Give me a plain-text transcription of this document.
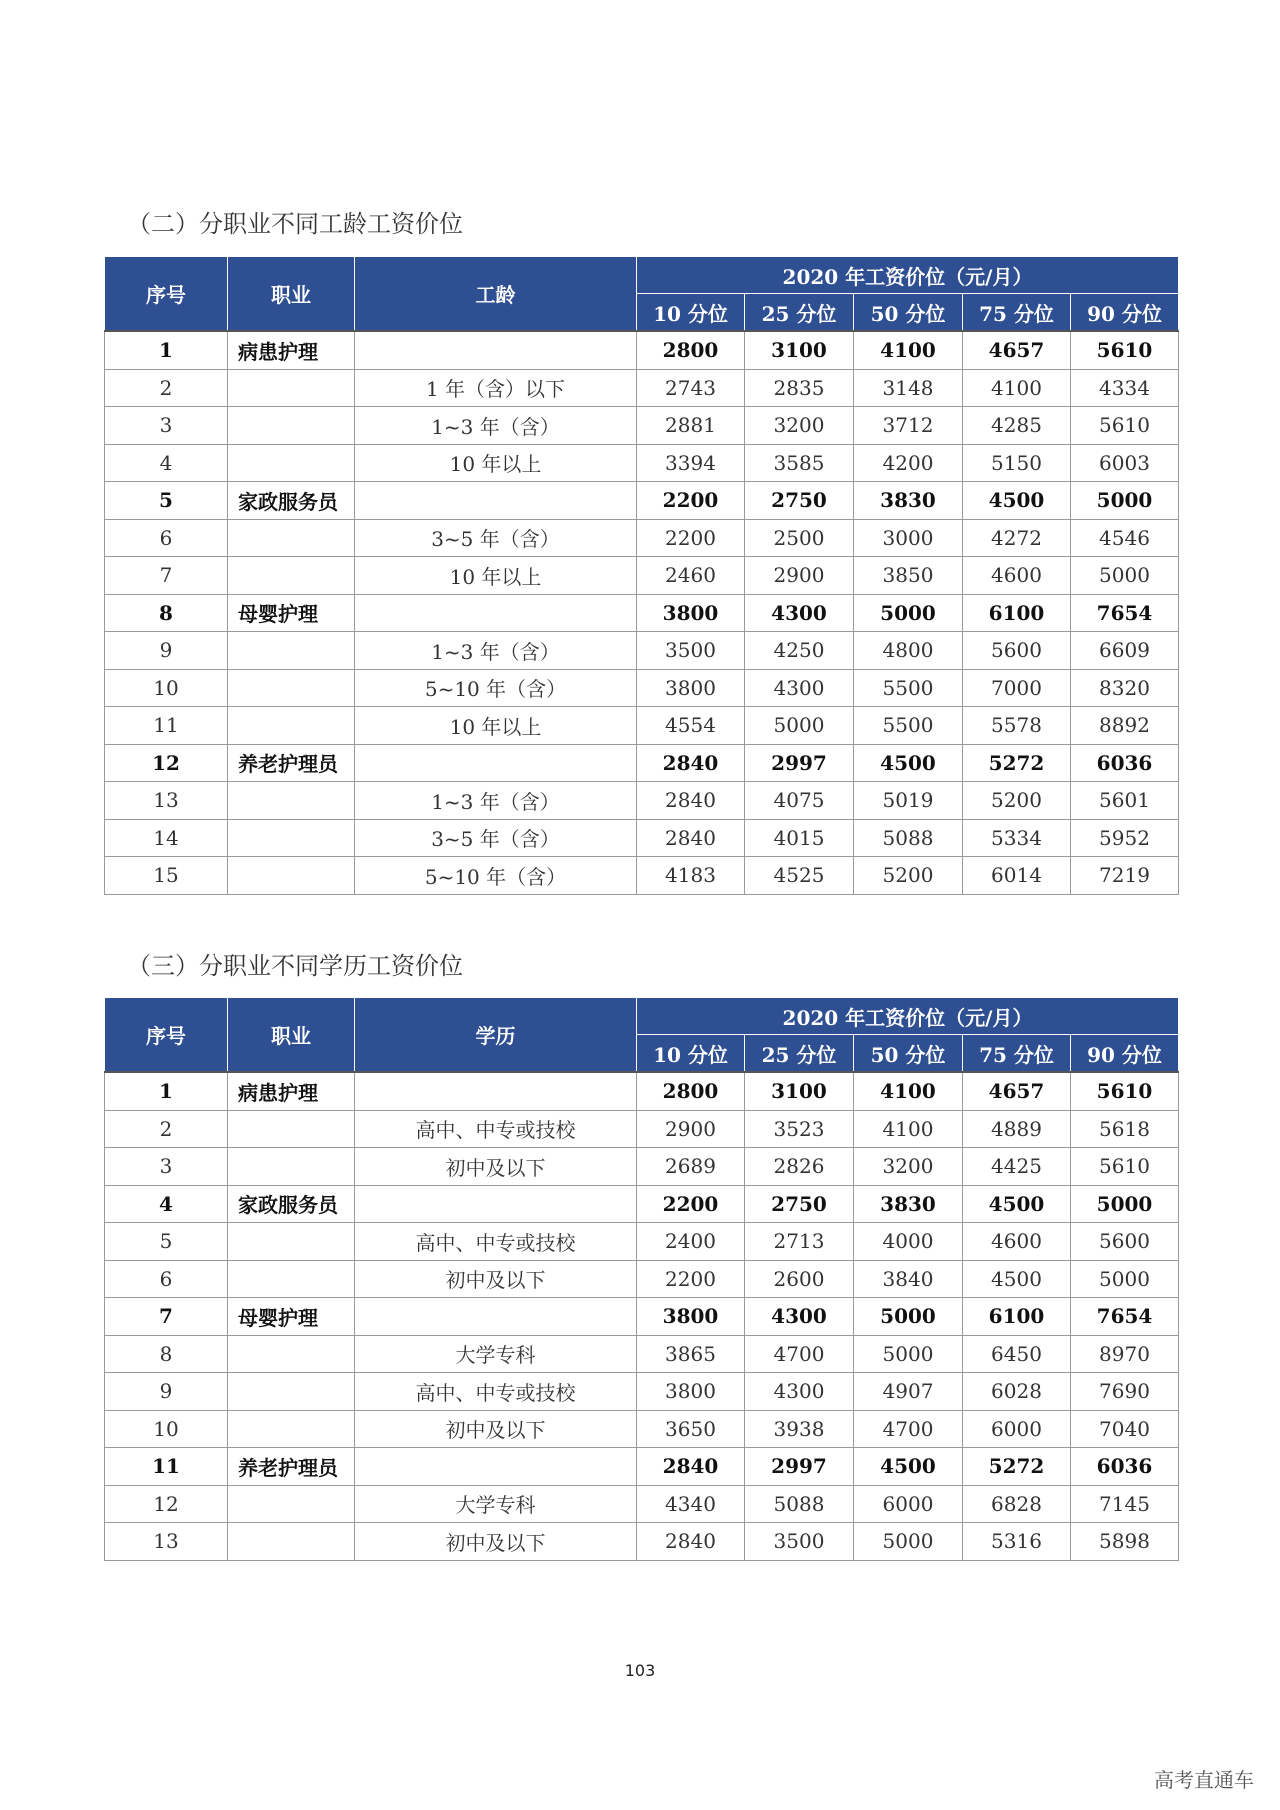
（二）分职业不同工龄工资价位
序号	职业	工龄	2020 年工资价位（元/月）				
			10 分位	25 分位	50 分位	75 分位	90 分位
1	病患护理		2800	3100	4100	4657	5610
2		1 年（含）以下	2743	2835	3148	4100	4334
3		1~3 年（含）	2881	3200	3712	4285	5610
4		10 年以上	3394	3585	4200	5150	6003
5	家政服务员		2200	2750	3830	4500	5000
6		3~5 年（含）	2200	2500	3000	4272	4546
7		10 年以上	2460	2900	3850	4600	5000
8	母婴护理		3800	4300	5000	6100	7654
9		1~3 年（含）	3500	4250	4800	5600	6609
10		5~10 年（含）	3800	4300	5500	7000	8320
11		10 年以上	4554	5000	5500	5578	8892
12	养老护理员		2840	2997	4500	5272	6036
13		1~3 年（含）	2840	4075	5019	5200	5601
14		3~5 年（含）	2840	4015	5088	5334	5952
15		5~10 年（含）	4183	4525	5200	6014	7219
（三）分职业不同学历工资价位
序号	职业	学历	2020 年工资价位（元/月）				
			10 分位	25 分位	50 分位	75 分位	90 分位
1	病患护理		2800	3100	4100	4657	5610
2		高中、中专或技校	2900	3523	4100	4889	5618
3		初中及以下	2689	2826	3200	4425	5610
4	家政服务员		2200	2750	3830	4500	5000
5		高中、中专或技校	2400	2713	4000	4600	5600
6		初中及以下	2200	2600	3840	4500	5000
7	母婴护理		3800	4300	5000	6100	7654
8		大学专科	3865	4700	5000	6450	8970
9		高中、中专或技校	3800	4300	4907	6028	7690
10		初中及以下	3650	3938	4700	6000	7040
11	养老护理员		2840	2997	4500	5272	6036
12		大学专科	4340	5088	6000	6828	7145
13		初中及以下	2840	3500	5000	5316	5898
103
高考直通车
